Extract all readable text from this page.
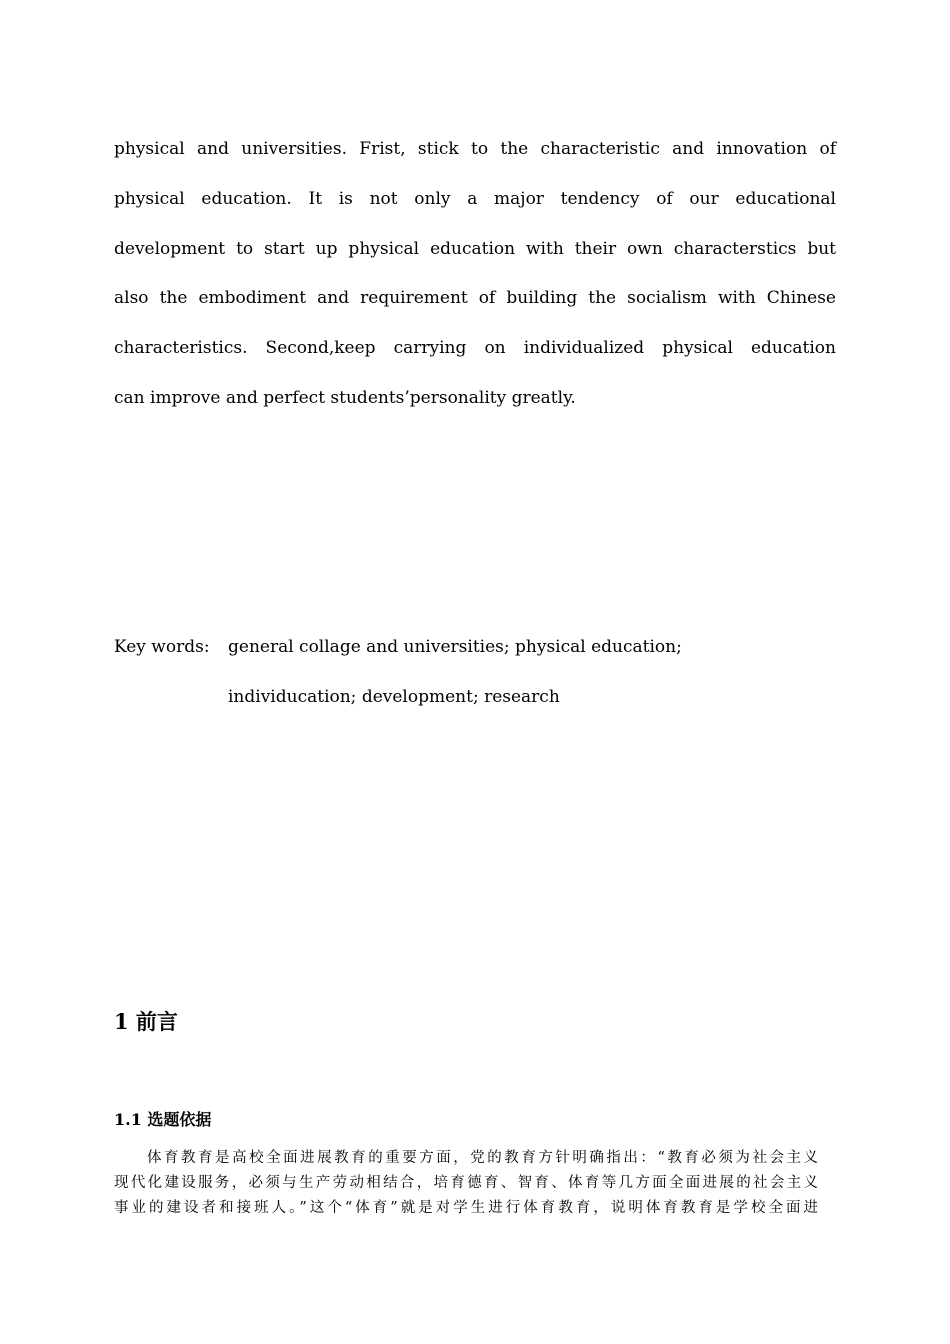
physical and universities. Frist, stick to the characteristic and innovation of
physical education. It is not only a major tendency of our educational
development to start up physical education with their own characterstics but
also the embodiment and requirement of building the socialism with Chinese
characteristics. Second,keep carrying on individualized physical education
can improve and perfect students’personality greatly.
Key words: general collage and universities; physical education;
individucation; development; research
1 前言
1.1 选题依据
体育教育是高校全面进展教育的重要方面，党的教育方针明确指出：“教育必须为社会主义
现代化建设服务，必须与生产劳动相结合，培育德育、智育、体育等几方面全面进展的社会主义
事业的建设者和接班人。”这个“体育”就是对学生进行体育教育，说明体育教育是学校全面进
